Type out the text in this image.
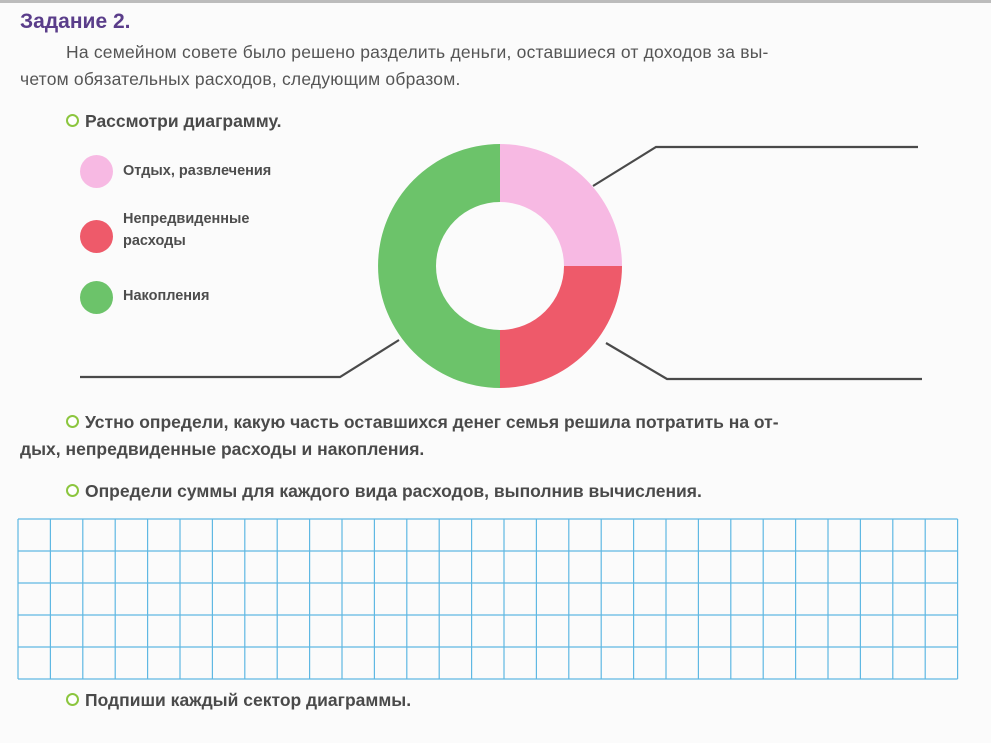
Задание 2.
На семейном совете было решено разделить деньги, оставшиеся от доходов за вы-
четом обязательных расходов, следующим образом.
Рассмотри диаграмму.
Отдых, развлечения
Непредвиденные
расходы
Накопления
Устно определи, какую часть оставшихся денег семья решила потратить на от-
дых, непредвиденные расходы и накопления.
Определи суммы для каждого вида расходов, выполнив вычисления.
Подпиши каждый сектор диаграммы.
